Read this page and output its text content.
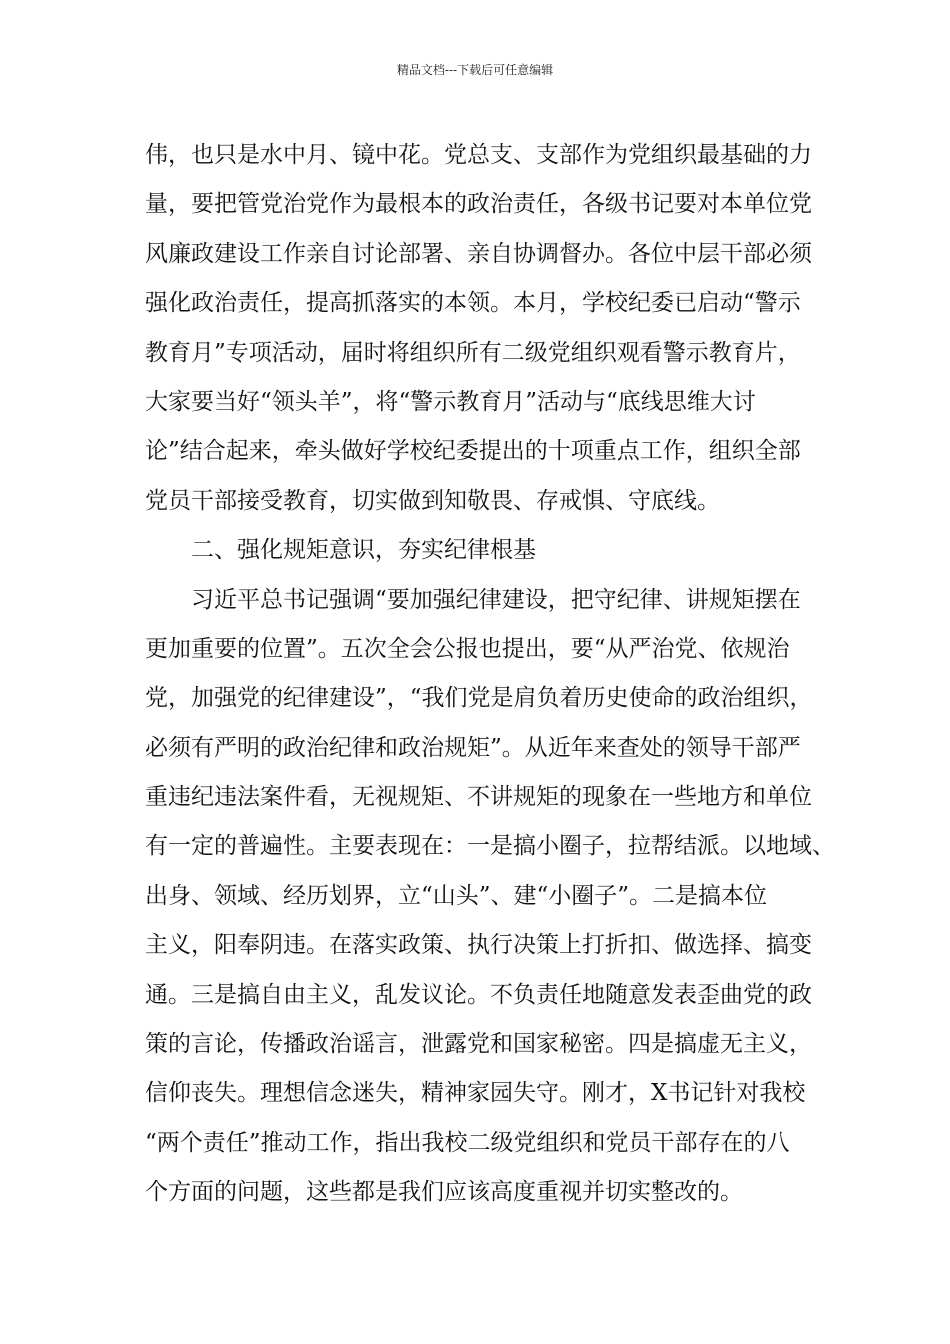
精品文档---下载后可任意编辑
伟，也只是水中月、镜中花。党总支、支部作为党组织最基础的力
量，要把管党治党作为最根本的政治责任，各级书记要对本单位党
风廉政建设工作亲自讨论部署、亲自协调督办。各位中层干部必须
强化政治责任，提高抓落实的本领。本月，学校纪委已启动“警示
教育月”专项活动，届时将组织所有二级党组织观看警示教育片，
大家要当好“领头羊”，将“警示教育月”活动与“底线思维大讨
论”结合起来，牵头做好学校纪委提出的十项重点工作，组织全部
党员干部接受教育，切实做到知敬畏、存戒惧、守底线。
二、强化规矩意识，夯实纪律根基
习近平总书记强调“要加强纪律建设，把守纪律、讲规矩摆在
更加重要的位置”。五次全会公报也提出，要“从严治党、依规治
党，加强党的纪律建设”，“我们党是肩负着历史使命的政治组织，
必须有严明的政治纪律和政治规矩”。从近年来查处的领导干部严
重违纪违法案件看，无视规矩、不讲规矩的现象在一些地方和单位
有一定的普遍性。主要表现在：一是搞小圈子，拉帮结派。以地域、
出身、领域、经历划界，立“山头”、建“小圈子”。二是搞本位
主义，阳奉阴违。在落实政策、执行决策上打折扣、做选择、搞变
通。三是搞自由主义，乱发议论。不负责任地随意发表歪曲党的政
策的言论，传播政治谣言，泄露党和国家秘密。四是搞虚无主义，
信仰丧失。理想信念迷失，精神家园失守。刚才，X书记针对我校
“两个责任”推动工作，指出我校二级党组织和党员干部存在的八
个方面的问题，这些都是我们应该高度重视并切实整改的。
